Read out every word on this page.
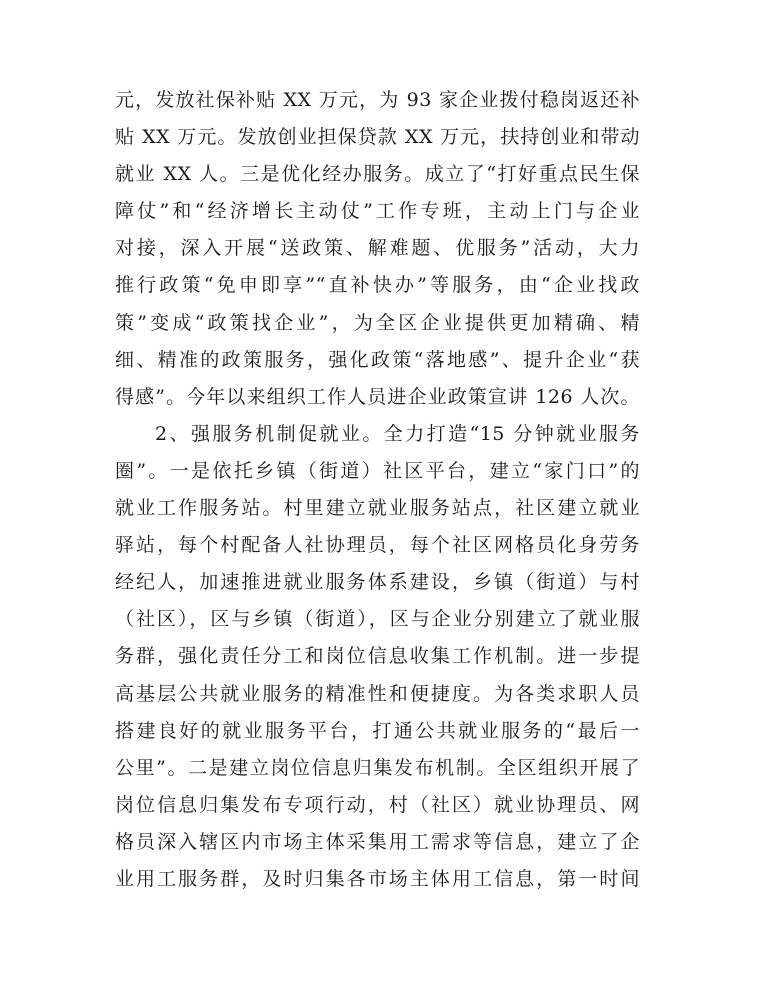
元，发放社保补贴 XX 万元，为 93 家企业拨付稳岗返还补
贴 XX 万元。发放创业担保贷款 XX 万元，扶持创业和带动
就业 XX 人。三是优化经办服务。成立了“打好重点民生保
障仗”和“经济增长主动仗”工作专班，主动上门与企业
对接，深入开展“送政策、解难题、优服务”活动，大力
推行政策“免申即享”“直补快办”等服务，由“企业找政
策”变成“政策找企业”，为全区企业提供更加精确、精
细、精准的政策服务，强化政策“落地感”、提升企业“获
得感”。今年以来组织工作人员进企业政策宣讲 126 人次。
2、强服务机制促就业。全力打造“15 分钟就业服务
圈”。一是依托乡镇（街道）社区平台，建立“家门口”的
就业工作服务站。村里建立就业服务站点，社区建立就业
驿站，每个村配备人社协理员，每个社区网格员化身劳务
经纪人，加速推进就业服务体系建设，乡镇（街道）与村
（社区），区与乡镇（街道），区与企业分别建立了就业服
务群，强化责任分工和岗位信息收集工作机制。进一步提
高基层公共就业服务的精准性和便捷度。为各类求职人员
搭建良好的就业服务平台，打通公共就业服务的“最后一
公里”。二是建立岗位信息归集发布机制。全区组织开展了
岗位信息归集发布专项行动，村（社区）就业协理员、网
格员深入辖区内市场主体采集用工需求等信息，建立了企
业用工服务群，及时归集各市场主体用工信息，第一时间
